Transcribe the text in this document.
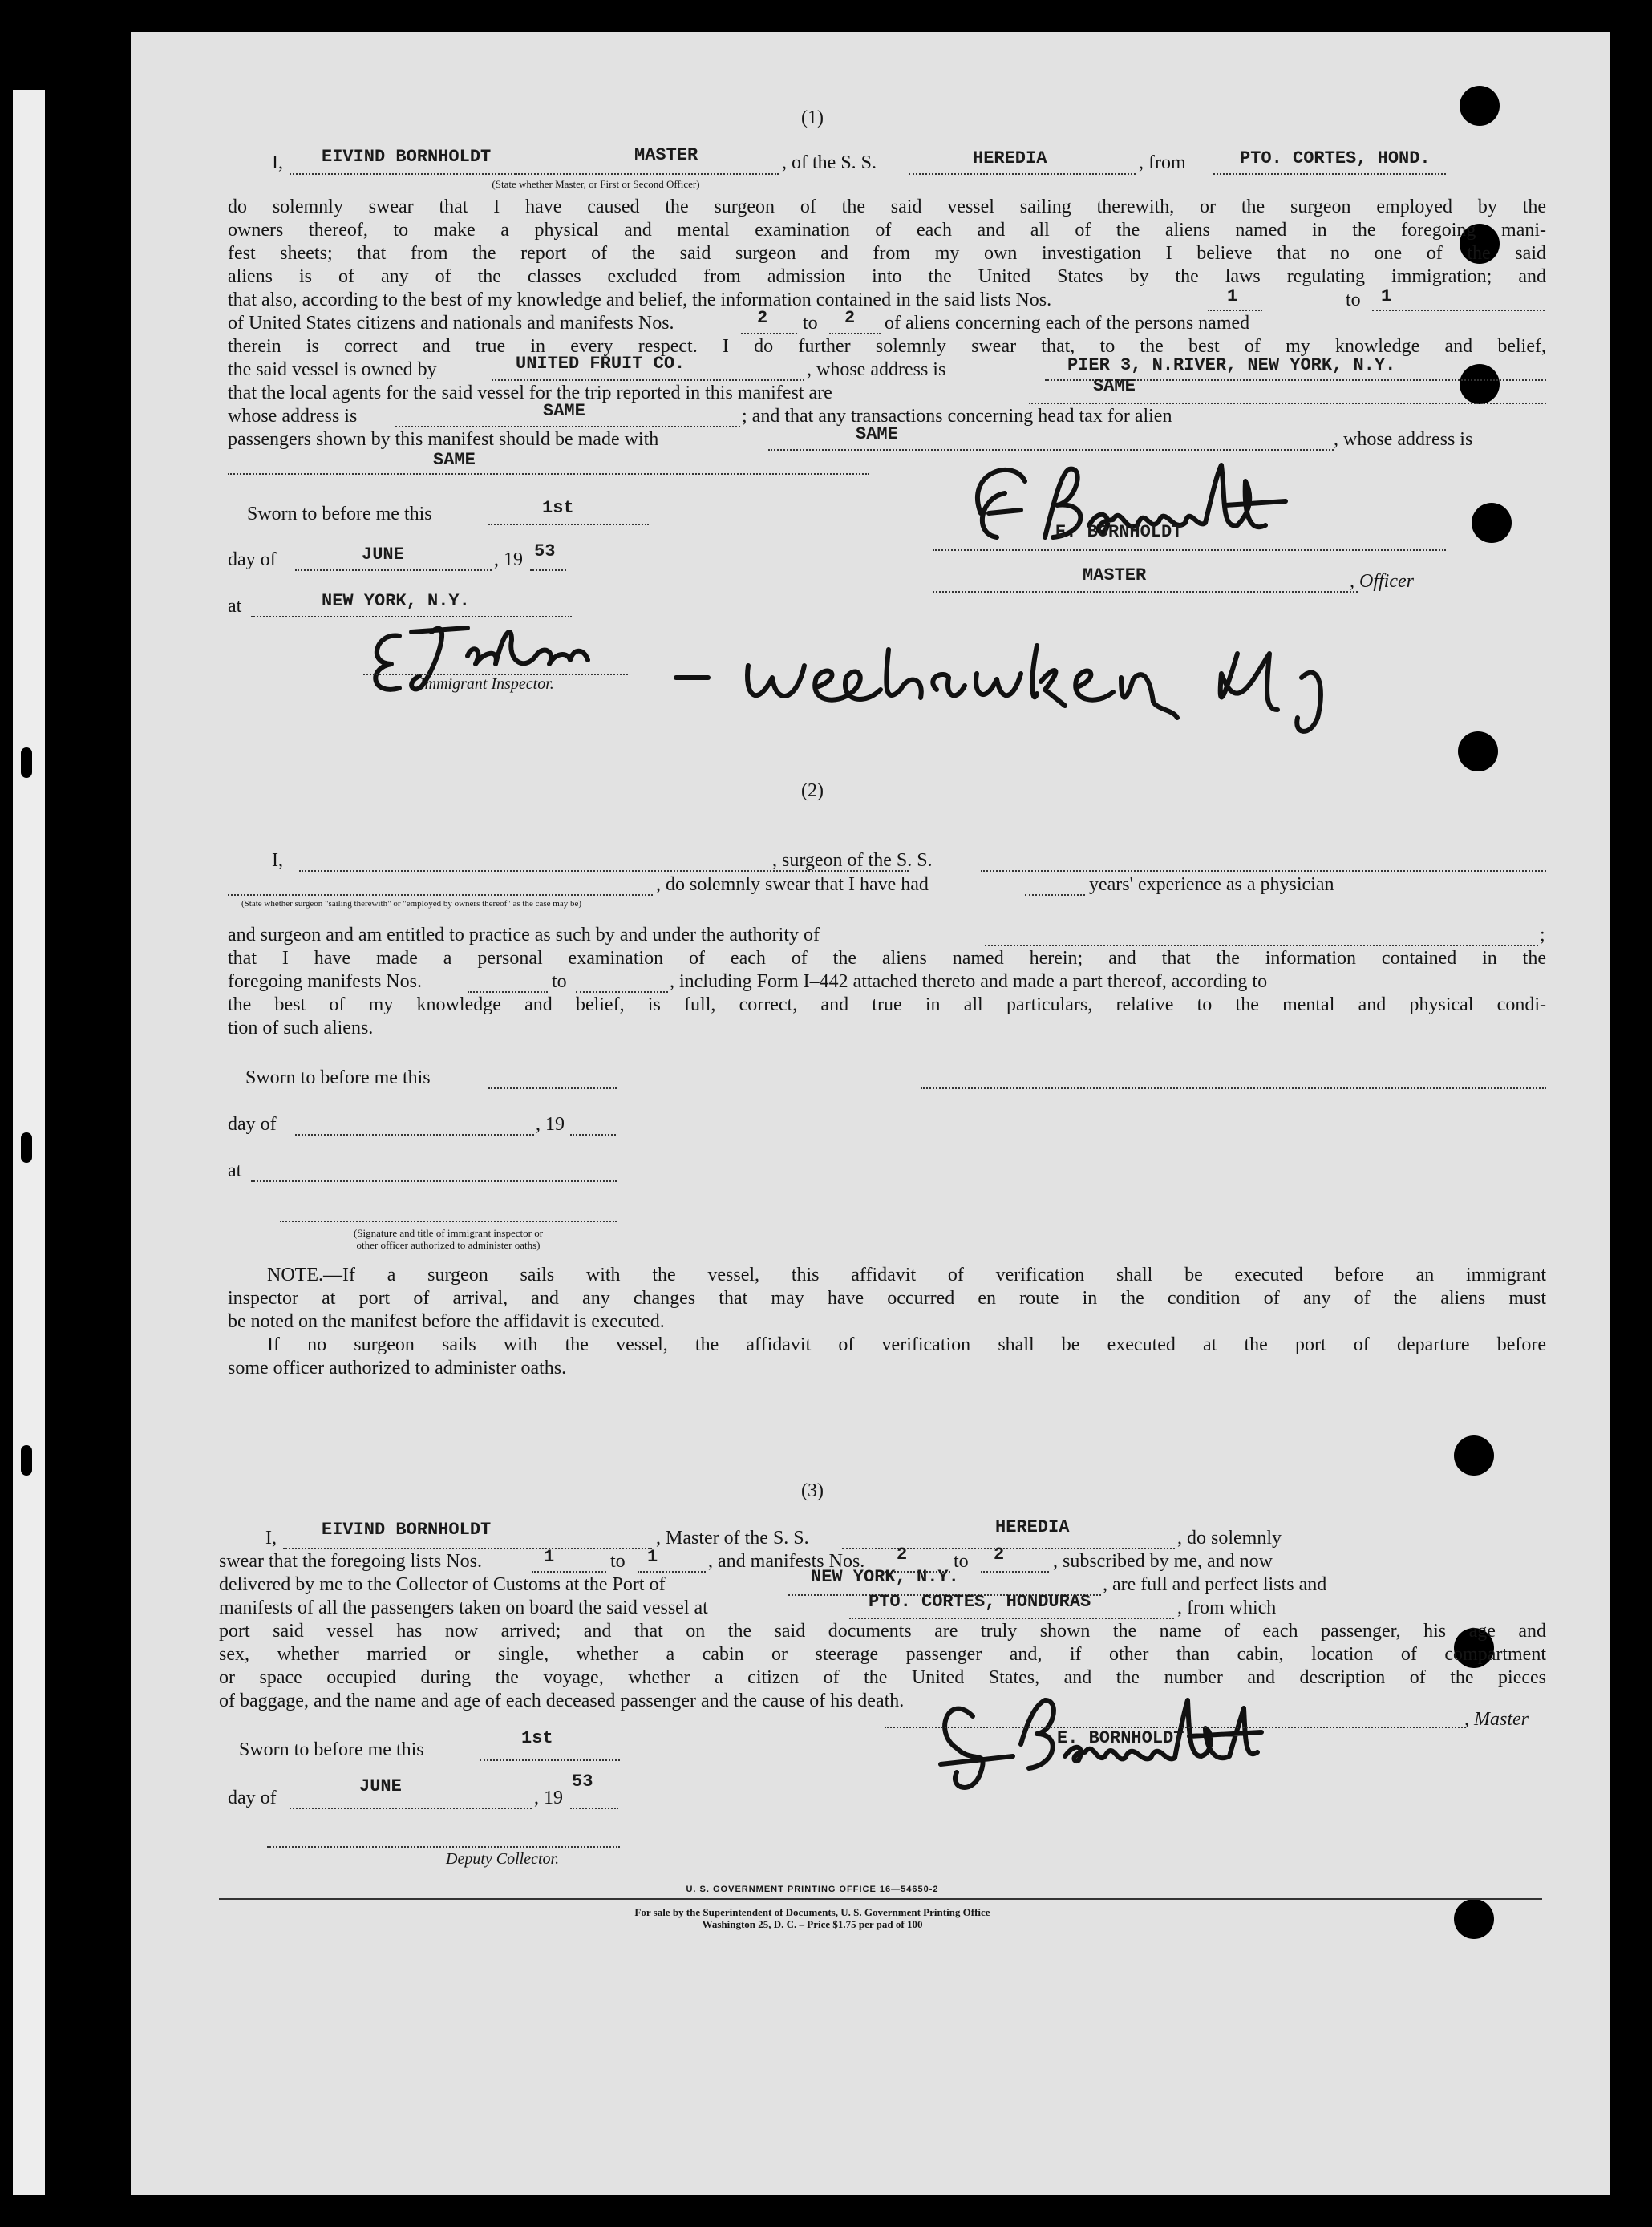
(1)
I, EIVIND BORNHOLDT	MASTER	, of the S. S.	HEREDIA	, from	PTO. CORTES, HOND.
(State whether Master, or First or Second Officer)
do solemnly swear that I have caused the surgeon of the said vessel sailing therewith, or the surgeon employed by the
owners thereof, to make a physical and mental examination of each and all of the aliens named in the foregoing mani-
fest sheets; that from the report of the said surgeon and from my own investigation I believe that no one of the said
aliens is of any of the classes excluded from admission into the United States by the laws regulating immigration; and
that also, according to the best of my knowledge and belief, the information contained in the said lists Nos.	1	to 1
of United States citizens and nationals and manifests Nos.	2 to 2 of aliens concerning each of the persons named
therein is correct and true in every respect. I do further solemnly swear that, to the best of my knowledge and belief,
the said vessel is owned by	UNITED FRUIT CO.	, whose address is	PIER 3, N.RIVER, NEW YORK, N.Y.
that the local agents for the said vessel for the trip reported in this manifest are	SAME
whose address is	SAME	; and that any transactions concerning head tax for alien
passengers shown by this manifest should be made with	SAME	, whose address is
SAME
Sworn to before me this	1st
day of	JUNE	, 19 53
at	NEW YORK, N.Y.
E. BORNHOLDT
MASTER	, Officer
Immigrant Inspector.
(2)
I,	, surgeon of the S. S.
, do solemnly swear that I have had	years' experience as a physician
(State whether surgeon "sailing therewith" or "employed by owners thereof" as the case may be)
and surgeon and am entitled to practice as such by and under the authority of	;
that I have made a personal examination of each of the aliens named herein; and that the information contained in the
foregoing manifests Nos.	to	, including Form I–442 attached thereto and made a part thereof, according to
the best of my knowledge and belief, is full, correct, and true in all particulars, relative to the mental and physical condi-
tion of such aliens.
Sworn to before me this
day of	, 19
at
(Signature and title of immigrant inspector or
other officer authorized to administer oaths)
NOTE.—If a surgeon sails with the vessel, this affidavit of verification shall be executed before an immigrant
inspector at port of arrival, and any changes that may have occurred en route in the condition of any of the aliens must
be noted on the manifest before the affidavit is executed.
If no surgeon sails with the vessel, the affidavit of verification shall be executed at the port of departure before
some officer authorized to administer oaths.
(3)
I,	EIVIND BORNHOLDT	, Master of the S. S.
HEREDIA
, do solemnly
swear that the foregoing lists Nos.	1	to 1	, and manifests Nos. 2 to 2	, subscribed by me, and now
delivered by me to the Collector of Customs at the Port of	NEW YORK, N.Y.	, are full and perfect lists and
manifests of all the passengers taken on board the said vessel at	PTO. CORTES, HONDURAS	, from which
port said vessel has now arrived; and that on the said documents are truly shown the name of each passenger, his age and
sex, whether married or single, whether a cabin or steerage passenger and, if other than cabin, location of compartment
or space occupied during the voyage, whether a citizen of the United States, and the number and description of the pieces
of baggage, and the name and age of each deceased passenger and the cause of his death.
Sworn to before me this
1st
day of
JUNE
, 19
53
Deputy Collector.
, Master
E. BORNHOLDT
U. S. GOVERNMENT PRINTING OFFICE 16—54650-2
For sale by the Superintendent of Documents, U. S. Government Printing Office
Washington 25, D. C. – Price $1.75 per pad of 100
